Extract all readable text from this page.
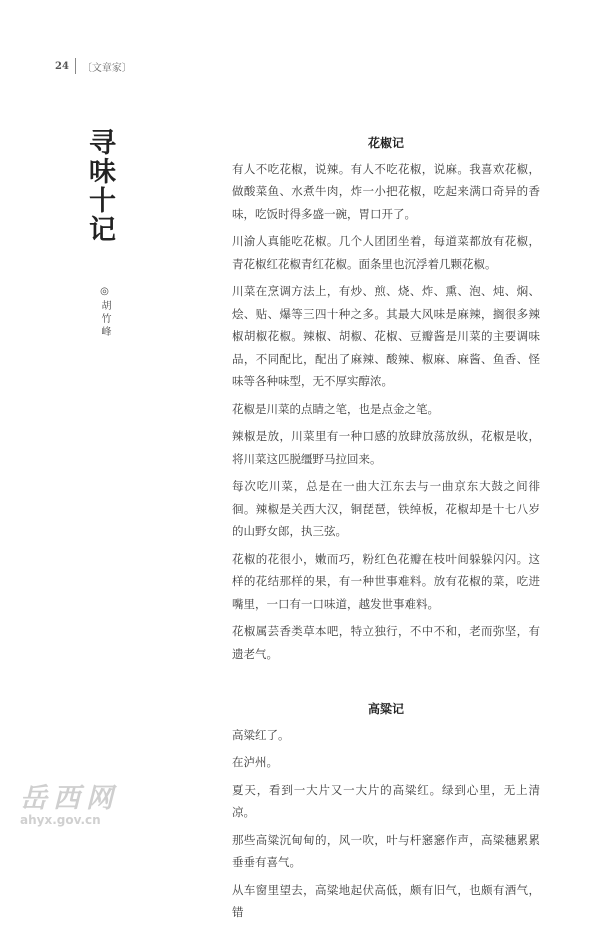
24 〔文章家〕
寻味十记
◎胡竹峰
花椒记

有人不吃花椒，说辣。有人不吃花椒，说麻。我喜欢花椒，做酸菜鱼、水煮牛肉，炸一小把花椒，吃起来满口奇异的香味，吃饭时得多盛一碗，胃口开了。

川渝人真能吃花椒。几个人团团坐着，每道菜都放有花椒，青花椒红花椒青红花椒。面条里也沉浮着几颗花椒。

川菜在烹调方法上，有炒、煎、烧、炸、熏、泡、炖、焖、烩、贴、爆等三四十种之多。其最大风味是麻辣，搁很多辣椒胡椒花椒。辣椒、胡椒、花椒、豆瓣酱是川菜的主要调味品，不同配比，配出了麻辣、酸辣、椒麻、麻酱、鱼香、怪味等各种味型，无不厚实醇浓。

花椒是川菜的点睛之笔，也是点金之笔。

辣椒是放，川菜里有一种口感的放肆放荡放纵，花椒是收，将川菜这匹脱缰野马拉回来。

每次吃川菜，总是在一曲大江东去与一曲京东大鼓之间徘徊。辣椒是关西大汉，铜琵琶，铁绰板，花椒却是十七八岁的山野女郎，执三弦。

花椒的花很小，嫩而巧，粉红色花瓣在枝叶间躲躲闪闪。这样的花结那样的果，有一种世事难料。放有花椒的菜，吃进嘴里，一口有一口味道，越发世事难料。

花椒属芸香类草本吧，特立独行，不中不和，老而弥坚，有遗老气。

高粱记

高粱红了。

在泸州。

夏天，看到一大片又一大片的高粱红。绿到心里，无上清凉。

那些高粱沉甸甸的，风一吹，叶与杆窸窸作声，高粱穗累累垂垂有喜气。

从车窗里望去，高粱地起伏高低，颇有旧气，也颇有酒气，错

岳西网
ahyx.gov.cn
